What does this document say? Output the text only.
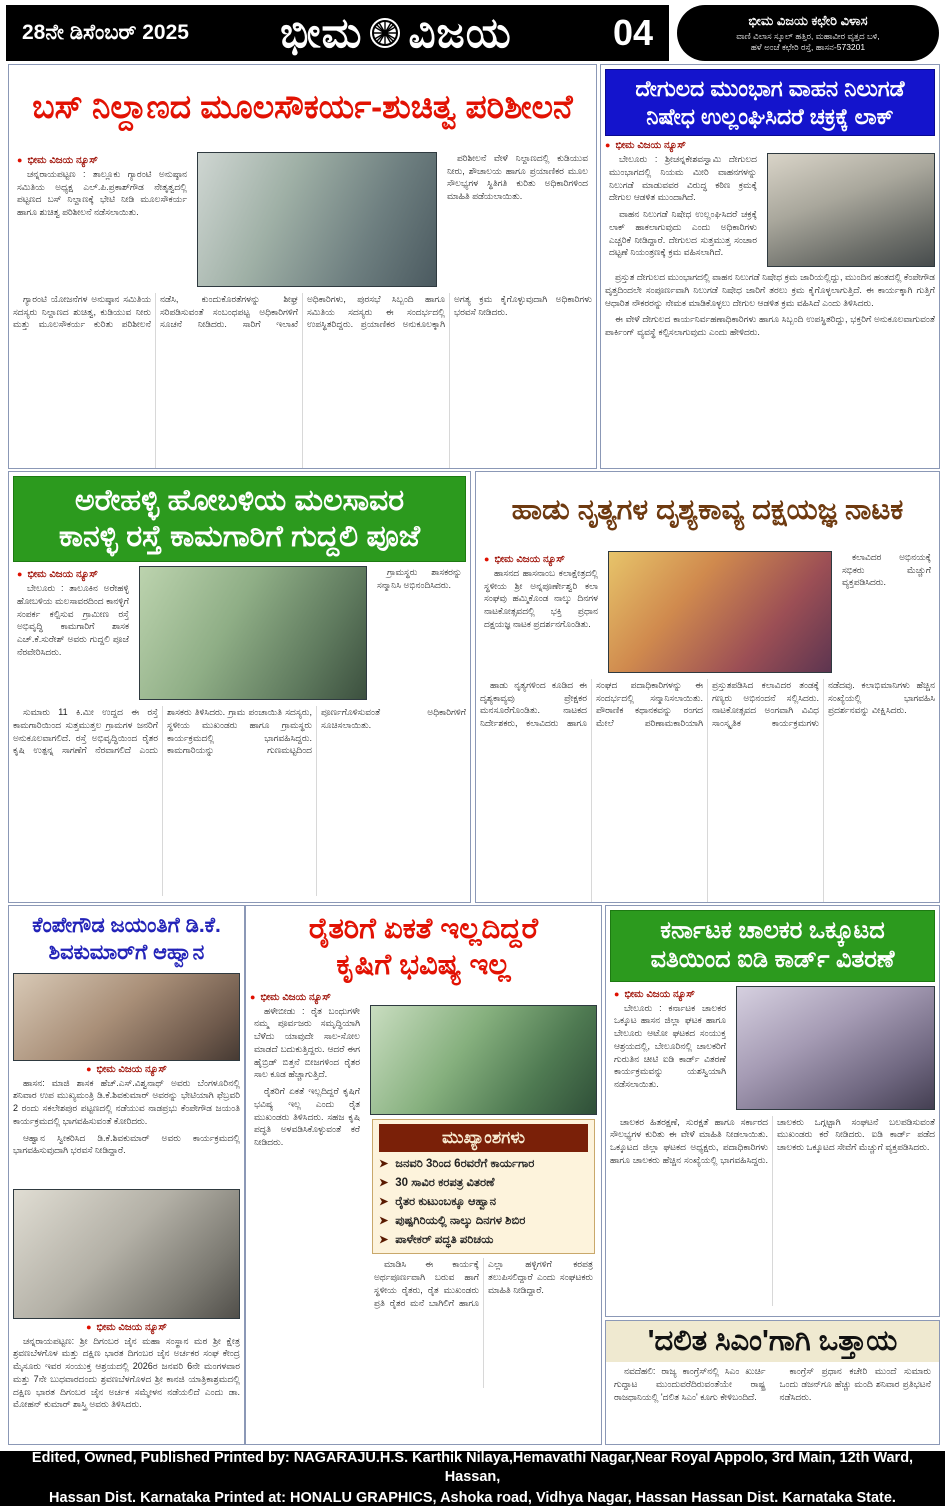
28ನೇ ಡಿಸೆಂಬರ್ 2025 ಭೀಮ ವಿಜಯ	04	ಭೀಮ ವಿಜಯ ಕಛೇರಿ ವಿಳಾಸ
ವಾಣಿ ವಿಲಾಸ ಸ್ಕೂಲ್ ಹತ್ತಿರ, ಮಹಾವೀರ ವೃತ್ತದ ಬಳಿ,
ಹಳೆ ಅಂಚೆ ಕಛೇರಿ ರಸ್ತೆ, ಹಾಸನ-573201
ಬಸ್ ನಿಲ್ದಾಣದ ಮೂಲಸೌಕರ್ಯ-ಶುಚಿತ್ವ ಪರಿಶೀಲನೆ
● ಭೀಮ ವಿಜಯ ನ್ಯೂಸ್

ಚನ್ನರಾಯಪಟ್ಟಣ : ತಾಲ್ಲೂಕು ಗ್ಯಾರಂಟಿ ಅನುಷ್ಠಾನ ಸಮಿತಿಯ ಅಧ್ಯಕ್ಷ ಎಲ್.ಪಿ.ಪ್ರಕಾಶ್‌ಗೌಡ ನೇತೃತ್ವದಲ್ಲಿ ಪಟ್ಟಣದ ಬಸ್ ನಿಲ್ದಾಣಕ್ಕೆ ಭೇಟಿ ನೀಡಿ ಮೂಲಸೌಕರ್ಯ ಹಾಗೂ ಶುಚಿತ್ವ ಪರಿಶೀಲನೆ ನಡೆಸಲಾಯಿತು.

ಪರಿಶೀಲನೆ ವೇಳೆ ನಿಲ್ದಾಣದಲ್ಲಿ ಕುಡಿಯುವ ನೀರು, ಶೌಚಾಲಯ ಹಾಗೂ ಪ್ರಯಾಣಿಕರ ಮೂಲ ಸೌಲಭ್ಯಗಳ ಸ್ಥಿತಿಗತಿ ಕುರಿತು ಅಧಿಕಾರಿಗಳಿಂದ ಮಾಹಿತಿ ಪಡೆಯಲಾಯಿತು.

ಗ್ಯಾರಂಟಿ ಯೋಜನೆಗಳ ಅನುಷ್ಠಾನ ಸಮಿತಿಯ ಸದಸ್ಯರು ನಿಲ್ದಾಣದ ಶುಚಿತ್ವ, ಕುಡಿಯುವ ನೀರು ಮತ್ತು ಮೂಲಸೌಕರ್ಯ ಕುರಿತು ಪರಿಶೀಲನೆ ನಡೆಸಿ, ಕುಂದುಕೊರತೆಗಳನ್ನು ಶೀಘ್ರ ಸರಿಪಡಿಸುವಂತೆ ಸಂಬಂಧಪಟ್ಟ ಅಧಿಕಾರಿಗಳಿಗೆ ಸೂಚನೆ ನೀಡಿದರು. ಸಾರಿಗೆ ಇಲಾಖೆ ಅಧಿಕಾರಿಗಳು, ಪುರಸಭೆ ಸಿಬ್ಬಂದಿ ಹಾಗೂ ಸಮಿತಿಯ ಸದಸ್ಯರು ಈ ಸಂದರ್ಭದಲ್ಲಿ ಉಪಸ್ಥಿತರಿದ್ದರು. ಪ್ರಯಾಣಿಕರ ಅನುಕೂಲಕ್ಕಾಗಿ ಅಗತ್ಯ ಕ್ರಮ ಕೈಗೊಳ್ಳುವುದಾಗಿ ಅಧಿಕಾರಿಗಳು ಭರವಸೆ ನೀಡಿದರು.

ದೇಗುಲದ ಮುಂಭಾಗ ವಾಹನ ನಿಲುಗಡೆ
ನಿಷೇಧ ಉಲ್ಲಂಘಿಸಿದರೆ ಚಕ್ರಕ್ಕೆ ಲಾಕ್
● ಭೀಮ ವಿಜಯ ನ್ಯೂಸ್

ಬೇಲೂರು : ಶ್ರೀಚನ್ನಕೇಶವಸ್ವಾಮಿ ದೇಗುಲದ ಮುಂಭಾಗದಲ್ಲಿ ನಿಯಮ ಮೀರಿ ವಾಹನಗಳನ್ನು ನಿಲುಗಡೆ ಮಾಡುವವರ ವಿರುದ್ಧ ಕಠಿಣ ಕ್ರಮಕ್ಕೆ ದೇಗುಲ ಆಡಳಿತ ಮುಂದಾಗಿದೆ.

ವಾಹನ ನಿಲುಗಡೆ ನಿಷೇಧ ಉಲ್ಲಂಘಿಸಿದರೆ ಚಕ್ರಕ್ಕೆ ಲಾಕ್ ಹಾಕಲಾಗುವುದು ಎಂದು ಅಧಿಕಾರಿಗಳು ಎಚ್ಚರಿಕೆ ನೀಡಿದ್ದಾರೆ. ದೇಗುಲದ ಸುತ್ತಮುತ್ತ ಸಂಚಾರ ದಟ್ಟಣೆ ನಿಯಂತ್ರಣಕ್ಕೆ ಕ್ರಮ ವಹಿಸಲಾಗಿದೆ.

ಪ್ರಸ್ತುತ ದೇಗುಲದ ಮುಂಭಾಗದಲ್ಲಿ ವಾಹನ ನಿಲುಗಡೆ ನಿಷೇಧ ಕ್ರಮ ಜಾರಿಯಲ್ಲಿದ್ದು, ಮುಂದಿನ ಹಂತದಲ್ಲಿ ಕೆಂಪೇಗೌಡ ವೃತ್ತದಿಂದಲೇ ಸಂಪೂರ್ಣವಾಗಿ ನಿಲುಗಡೆ ನಿಷೇಧ ಜಾರಿಗೆ ತರಲು ಕ್ರಮ ಕೈಗೊಳ್ಳಲಾಗುತ್ತಿದೆ. ಈ ಕಾರ್ಯಕ್ಕಾಗಿ ಗುತ್ತಿಗೆ ಆಧಾರಿತ ನೌಕರರನ್ನು ನೇಮಕ ಮಾಡಿಕೊಳ್ಳಲು ದೇಗುಲ ಆಡಳಿತ ಕ್ರಮ ವಹಿಸಿದೆ ಎಂದು ತಿಳಿಸಿದರು.

ಈ ವೇಳೆ ದೇಗುಲದ ಕಾರ್ಯನಿರ್ವಹಣಾಧಿಕಾರಿಗಳು ಹಾಗೂ ಸಿಬ್ಬಂದಿ ಉಪಸ್ಥಿತರಿದ್ದು, ಭಕ್ತರಿಗೆ ಅನುಕೂಲವಾಗುವಂತೆ ಪಾರ್ಕಿಂಗ್ ವ್ಯವಸ್ಥೆ ಕಲ್ಪಿಸಲಾಗುವುದು ಎಂದು ಹೇಳಿದರು.

ಅರೇಹಳ್ಳಿ ಹೋಬಳಿಯ ಮಲಸಾವರ
ಕಾನಳ್ಳಿ ರಸ್ತೆ ಕಾಮಗಾರಿಗೆ ಗುದ್ದಲಿ ಪೂಜೆ
● ಭೀಮ ವಿಜಯ ನ್ಯೂಸ್

ಬೇಲೂರು : ತಾಲೂಕಿನ ಅರೇಹಳ್ಳಿ ಹೋಬಳಿಯ ಮಲಸಾವರದಿಂದ ಕಾನಳ್ಳಿಗೆ ಸಂಪರ್ಕ ಕಲ್ಪಿಸುವ ಗ್ರಾಮೀಣ ರಸ್ತೆ ಅಭಿವೃದ್ಧಿ ಕಾಮಗಾರಿಗೆ ಶಾಸಕ ಎಚ್.ಕೆ.ಸುರೇಶ್ ಅವರು ಗುದ್ದಲಿ ಪೂಜೆ ನೆರವೇರಿಸಿದರು.

ಗ್ರಾಮಸ್ಥರು ಶಾಸಕರನ್ನು ಸನ್ಮಾನಿಸಿ ಅಭಿನಂದಿಸಿದರು.

ಸುಮಾರು 11 ಕಿ.ಮೀ ಉದ್ದದ ಈ ರಸ್ತೆ ಕಾಮಗಾರಿಯಿಂದ ಸುತ್ತಮುತ್ತಲ ಗ್ರಾಮಗಳ ಜನರಿಗೆ ಅನುಕೂಲವಾಗಲಿದೆ. ರಸ್ತೆ ಅಭಿವೃದ್ಧಿಯಿಂದ ರೈತರ ಕೃಷಿ ಉತ್ಪನ್ನ ಸಾಗಣೆಗೆ ನೆರವಾಗಲಿದೆ ಎಂದು ಶಾಸಕರು ತಿಳಿಸಿದರು. ಗ್ರಾಮ ಪಂಚಾಯಿತಿ ಸದಸ್ಯರು, ಸ್ಥಳೀಯ ಮುಖಂಡರು ಹಾಗೂ ಗ್ರಾಮಸ್ಥರು ಕಾರ್ಯಕ್ರಮದಲ್ಲಿ ಭಾಗವಹಿಸಿದ್ದರು. ಕಾಮಗಾರಿಯನ್ನು ಗುಣಮಟ್ಟದಿಂದ ಪೂರ್ಣಗೊಳಿಸುವಂತೆ ಅಧಿಕಾರಿಗಳಿಗೆ ಸೂಚಿಸಲಾಯಿತು.

ಹಾಡು ನೃತ್ಯಗಳ ದೃಶ್ಯಕಾವ್ಯ ದಕ್ಷಯಜ್ಞ ನಾಟಕ
● ಭೀಮ ವಿಜಯ ನ್ಯೂಸ್

ಹಾಸನದ ಹಾಸನಾಂಬ ಕಲಾಕ್ಷೇತ್ರದಲ್ಲಿ ಸ್ಥಳೀಯ ಶ್ರೀ ಅನ್ನಪೂರ್ಣೇಶ್ವರಿ ಕಲಾ ಸಂಘವು ಹಮ್ಮಿಕೊಂಡ ನಾಲ್ಕು ದಿನಗಳ ನಾಟಕೋತ್ಸವದಲ್ಲಿ ಭಕ್ತಿ ಪ್ರಧಾನ ದಕ್ಷಯಜ್ಞ ನಾಟಕ ಪ್ರದರ್ಶನಗೊಂಡಿತು.

ಕಲಾವಿದರ ಅಭಿನಯಕ್ಕೆ ಸಭಿಕರು ಮೆಚ್ಚುಗೆ ವ್ಯಕ್ತಪಡಿಸಿದರು.

ಹಾಡು ನೃತ್ಯಗಳಿಂದ ಕೂಡಿದ ಈ ದೃಶ್ಯಕಾವ್ಯವು ಪ್ರೇಕ್ಷಕರ ಮನಸೂರೆಗೊಂಡಿತು. ನಾಟಕದ ನಿರ್ದೇಶಕರು, ಕಲಾವಿದರು ಹಾಗೂ ಸಂಘದ ಪದಾಧಿಕಾರಿಗಳನ್ನು ಈ ಸಂದರ್ಭದಲ್ಲಿ ಸನ್ಮಾನಿಸಲಾಯಿತು. ಪೌರಾಣಿಕ ಕಥಾನಕವನ್ನು ರಂಗದ ಮೇಲೆ ಪರಿಣಾಮಕಾರಿಯಾಗಿ ಪ್ರಸ್ತುತಪಡಿಸಿದ ಕಲಾವಿದರ ತಂಡಕ್ಕೆ ಗಣ್ಯರು ಅಭಿನಂದನೆ ಸಲ್ಲಿಸಿದರು. ನಾಟಕೋತ್ಸವದ ಅಂಗವಾಗಿ ವಿವಿಧ ಸಾಂಸ್ಕೃತಿಕ ಕಾರ್ಯಕ್ರಮಗಳು ನಡೆದವು. ಕಲಾಭಿಮಾನಿಗಳು ಹೆಚ್ಚಿನ ಸಂಖ್ಯೆಯಲ್ಲಿ ಭಾಗವಹಿಸಿ ಪ್ರದರ್ಶನವನ್ನು ವೀಕ್ಷಿಸಿದರು.

ಕೆಂಪೇಗೌಡ ಜಯಂತಿಗೆ ಡಿ.ಕೆ.
ಶಿವಕುಮಾರ್‌ಗೆ ಆಹ್ವಾನ
● ಭೀಮ ವಿಜಯ ನ್ಯೂಸ್

ಹಾಸನ: ಮಾಜಿ ಶಾಸಕ ಹೆಚ್.ಎಸ್.ವಿಶ್ವನಾಥ್ ಅವರು ಬೆಂಗಳೂರಿನಲ್ಲಿ ಶನಿವಾರ ಉಪ ಮುಖ್ಯಮಂತ್ರಿ ಡಿ.ಕೆ.ಶಿವಕುಮಾರ್ ಅವರನ್ನು ಭೇಟಿಯಾಗಿ ಫೆಬ್ರವರಿ 2 ರಂದು ಸಕಲೇಶಪುರ ಪಟ್ಟಣದಲ್ಲಿ ನಡೆಯುವ ನಾಡಪ್ರಭು ಕೆಂಪೇಗೌಡ ಜಯಂತಿ ಕಾರ್ಯಕ್ರಮದಲ್ಲಿ ಭಾಗವಹಿಸುವಂತೆ ಕೋರಿದರು.

ಆಹ್ವಾನ ಸ್ವೀಕರಿಸಿದ ಡಿ.ಕೆ.ಶಿವಕುಮಾರ್ ಅವರು ಕಾರ್ಯಕ್ರಮದಲ್ಲಿ ಭಾಗವಹಿಸುವುದಾಗಿ ಭರವಸೆ ನೀಡಿದ್ದಾರೆ.

● ಭೀಮ ವಿಜಯ ನ್ಯೂಸ್

ಚನ್ನರಾಯಪಟ್ಟಣ: ಶ್ರೀ ದಿಗಂಬರ ಜೈನ ಮಹಾ ಸಂಸ್ಥಾನ ಮಠ ಶ್ರೀ ಕ್ಷೇತ್ರ ಶ್ರವಣಬೆಳಗೊಳ ಮತ್ತು ದಕ್ಷಿಣ ಭಾರತ ದಿಗಂಬರ ಜೈನ ಅರ್ಚಕರ ಸಂಘ ಕೇಂದ್ರ ಮೈಸೂರು ಇವರ ಸಂಯುಕ್ತ ಆಶ್ರಯದಲ್ಲಿ 2026ರ ಜನವರಿ 6ನೇ ಮಂಗಳವಾರ ಮತ್ತು 7ನೇ ಬುಧವಾರದಂದು ಶ್ರವಣಬೆಳಗೊಳದ ಶ್ರೀ ಕಾನಜಿ ಯಾತ್ರಿಕಾಶ್ರಮದಲ್ಲಿ ದಕ್ಷಿಣ ಭಾರತ ದಿಗಂಬರ ಜೈನ ಅರ್ಚಕ ಸಮ್ಮೇಳನ ನಡೆಯಲಿದೆ ಎಂದು ಡಾ. ಮೋಹನ್ ಕುಮಾರ್ ಶಾಸ್ತ್ರಿ ಅವರು ತಿಳಿಸಿದರು.

ರೈತರಿಗೆ ಏಕತೆ ಇಲ್ಲದಿದ್ದರೆ
ಕೃಷಿಗೆ ಭವಿಷ್ಯ ಇಲ್ಲ
● ಭೀಮ ವಿಜಯ ನ್ಯೂಸ್

ಹಳೇಬೀಡು : ರೈತ ಬಂಧುಗಳೇ ನಮ್ಮ ಪೂರ್ವಜರು ಸಮೃದ್ಧಿಯಾಗಿ ಬೆಳೆದು ಯಾವುದೇ ಸಾಲ-ಸೋಲ ಮಾಡದೆ ಬದುಕುತ್ತಿದ್ದರು. ಆದರೆ ಈಗ ಹೈಬ್ರಿಡ್ ಬಿತ್ತನೆ ಬೀಜಗಳಿಂದ ರೈತರ ಸಾಲ ಕೂಡ ಹೆಚ್ಚಾಗುತ್ತಿದೆ.

ರೈತರಿಗೆ ಏಕತೆ ಇಲ್ಲದಿದ್ದರೆ ಕೃಷಿಗೆ ಭವಿಷ್ಯ ಇಲ್ಲ ಎಂದು ರೈತ ಮುಖಂಡರು ತಿಳಿಸಿದರು. ಸಹಜ ಕೃಷಿ ಪದ್ಧತಿ ಅಳವಡಿಸಿಕೊಳ್ಳುವಂತೆ ಕರೆ ನೀಡಿದರು.	ಮುಖ್ಯಾಂಶಗಳು
➤ ಜನವರಿ 3ರಿಂದ 6ರವರೆಗೆ ಕಾರ್ಯಗಾರ
➤ 30 ಸಾವಿರ ಕರಪತ್ರ ವಿತರಣೆ
➤ ರೈತರ ಕುಟುಂಬಕ್ಕೂ ಆಹ್ವಾನ
➤ ಪುಷ್ಪಗಿರಿಯಲ್ಲಿ ನಾಲ್ಕು ದಿನಗಳ ಶಿಬಿರ
➤ ಪಾಳೇಕರ್ ಪದ್ಧತಿ ಪರಿಚಯ

ಮಾಡಿಸಿ ಈ ಕಾರ್ಯಕ್ಕೆ ಅರ್ಥಪೂರ್ಣವಾಗಿ ಬರುವ ಹಾಗೆ ಸ್ಥಳೀಯ ರೈತರು, ರೈತ ಮುಖಂಡರು ಪ್ರತಿ ರೈತರ ಮನೆ ಬಾಗಿಲಿಗೆ ಹಾಗೂ ಎಲ್ಲಾ ಹಳ್ಳಿಗಳಿಗೆ ಕರಪತ್ರ ತಲುಪಿಸಲಿದ್ದಾರೆ ಎಂದು ಸಂಘಟಕರು ಮಾಹಿತಿ ನೀಡಿದ್ದಾರೆ.

ಕರ್ನಾಟಕ ಚಾಲಕರ ಒಕ್ಕೂಟದ
ವತಿಯಿಂದ ಐಡಿ ಕಾರ್ಡ್ ವಿತರಣೆ
● ಭೀಮ ವಿಜಯ ನ್ಯೂಸ್

ಬೇಲೂರು : ಕರ್ನಾಟಕ ಚಾಲಕರ ಒಕ್ಕೂಟ ಹಾಸನ ಜಿಲ್ಲಾ ಘಟಕ ಹಾಗೂ ಬೇಲೂರು ಆಟೋ ಘಟಕದ ಸಂಯುಕ್ತ ಆಶ್ರಯದಲ್ಲಿ, ಬೇಲೂರಿನಲ್ಲಿ ಚಾಲಕರಿಗೆ ಗುರುತಿನ ಚೀಟಿ ಐಡಿ ಕಾರ್ಡ್ ವಿತರಣೆ ಕಾರ್ಯಕ್ರಮವನ್ನು ಯಶಸ್ವಿಯಾಗಿ ನಡೆಸಲಾಯಿತು.

ಚಾಲಕರ ಹಿತರಕ್ಷಣೆ, ಸುರಕ್ಷತೆ ಹಾಗೂ ಸರ್ಕಾರದ ಸೌಲಭ್ಯಗಳ ಕುರಿತು ಈ ವೇಳೆ ಮಾಹಿತಿ ನೀಡಲಾಯಿತು. ಒಕ್ಕೂಟದ ಜಿಲ್ಲಾ ಘಟಕದ ಅಧ್ಯಕ್ಷರು, ಪದಾಧಿಕಾರಿಗಳು ಹಾಗೂ ಚಾಲಕರು ಹೆಚ್ಚಿನ ಸಂಖ್ಯೆಯಲ್ಲಿ ಭಾಗವಹಿಸಿದ್ದರು. ಚಾಲಕರು ಒಗ್ಗಟ್ಟಾಗಿ ಸಂಘಟನೆ ಬಲಪಡಿಸುವಂತೆ ಮುಖಂಡರು ಕರೆ ನೀಡಿದರು. ಐಡಿ ಕಾರ್ಡ್ ಪಡೆದ ಚಾಲಕರು ಒಕ್ಕೂಟದ ಸೇವೆಗೆ ಮೆಚ್ಚುಗೆ ವ್ಯಕ್ತಪಡಿಸಿದರು.

'ದಲಿತ ಸಿಎಂ'ಗಾಗಿ ಒತ್ತಾಯ

ನವದೆಹಲಿ: ರಾಜ್ಯ ಕಾಂಗ್ರೆಸ್‌ನಲ್ಲಿ ಸಿಎಂ ಖುರ್ಚಿ ಗುದ್ದಾಟ ಮುಂದುವರೆದಿರುವಂತೆಯೇ ರಾಷ್ಟ್ರ ರಾಜಧಾನಿಯಲ್ಲಿ 'ದಲಿತ ಸಿಎಂ' ಕೂಗು ಕೇಳಿಬಂದಿದೆ.

ಕಾಂಗ್ರೆಸ್ ಪ್ರಧಾನ ಕಚೇರಿ ಮುಂದೆ ಸುಮಾರು ಒಂದು ಡಜನ್‌ಗೂ ಹೆಚ್ಚು ಮಂದಿ ಶನಿವಾರ ಪ್ರತಿಭಟನೆ ನಡೆಸಿದರು.

Edited, Owned, Published Printed by: NAGARAJU.H.S. Karthik Nilaya,Hemavathi Nagar,Near Royal Appolo, 3rd Main, 12th Ward, Hassan,
Hassan Dist. Karnataka Printed at: HONALU GRAPHICS, Ashoka road, Vidhya Nagar, Hassan Hassan Dist. Karnataka State.
